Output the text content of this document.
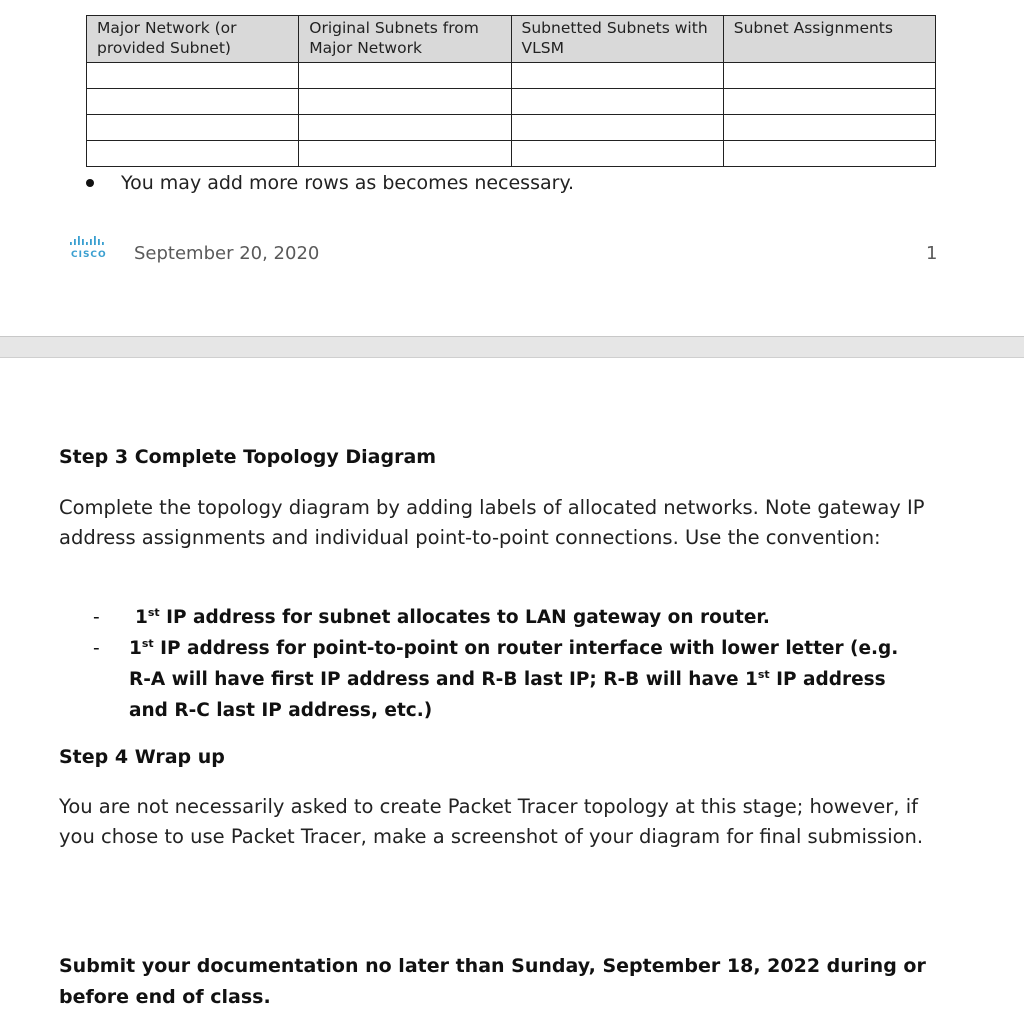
Major Network (or provided Subnet)	Original Subnets from Major Network	Subnetted Subnets with VLSM	Subnet Assignments

You may add more rows as becomes necessary.
CISCO September 20, 2020	1
Step 3 Complete Topology Diagram
Complete the topology diagram by adding labels of allocated networks. Note gateway IP address assignments and individual point-to-point connections. Use the convention:
- 1st IP address for subnet allocates to LAN gateway on router.
- 1st IP address for point-to-point on router interface with lower letter (e.g. R-A will have first IP address and R-B last IP; R-B will have 1st IP address and R-C last IP address, etc.)
Step 4 Wrap up
You are not necessarily asked to create Packet Tracer topology at this stage; however, if you chose to use Packet Tracer, make a screenshot of your diagram for final submission.
Submit your documentation no later than Sunday, September 18, 2022 during or before end of class.
